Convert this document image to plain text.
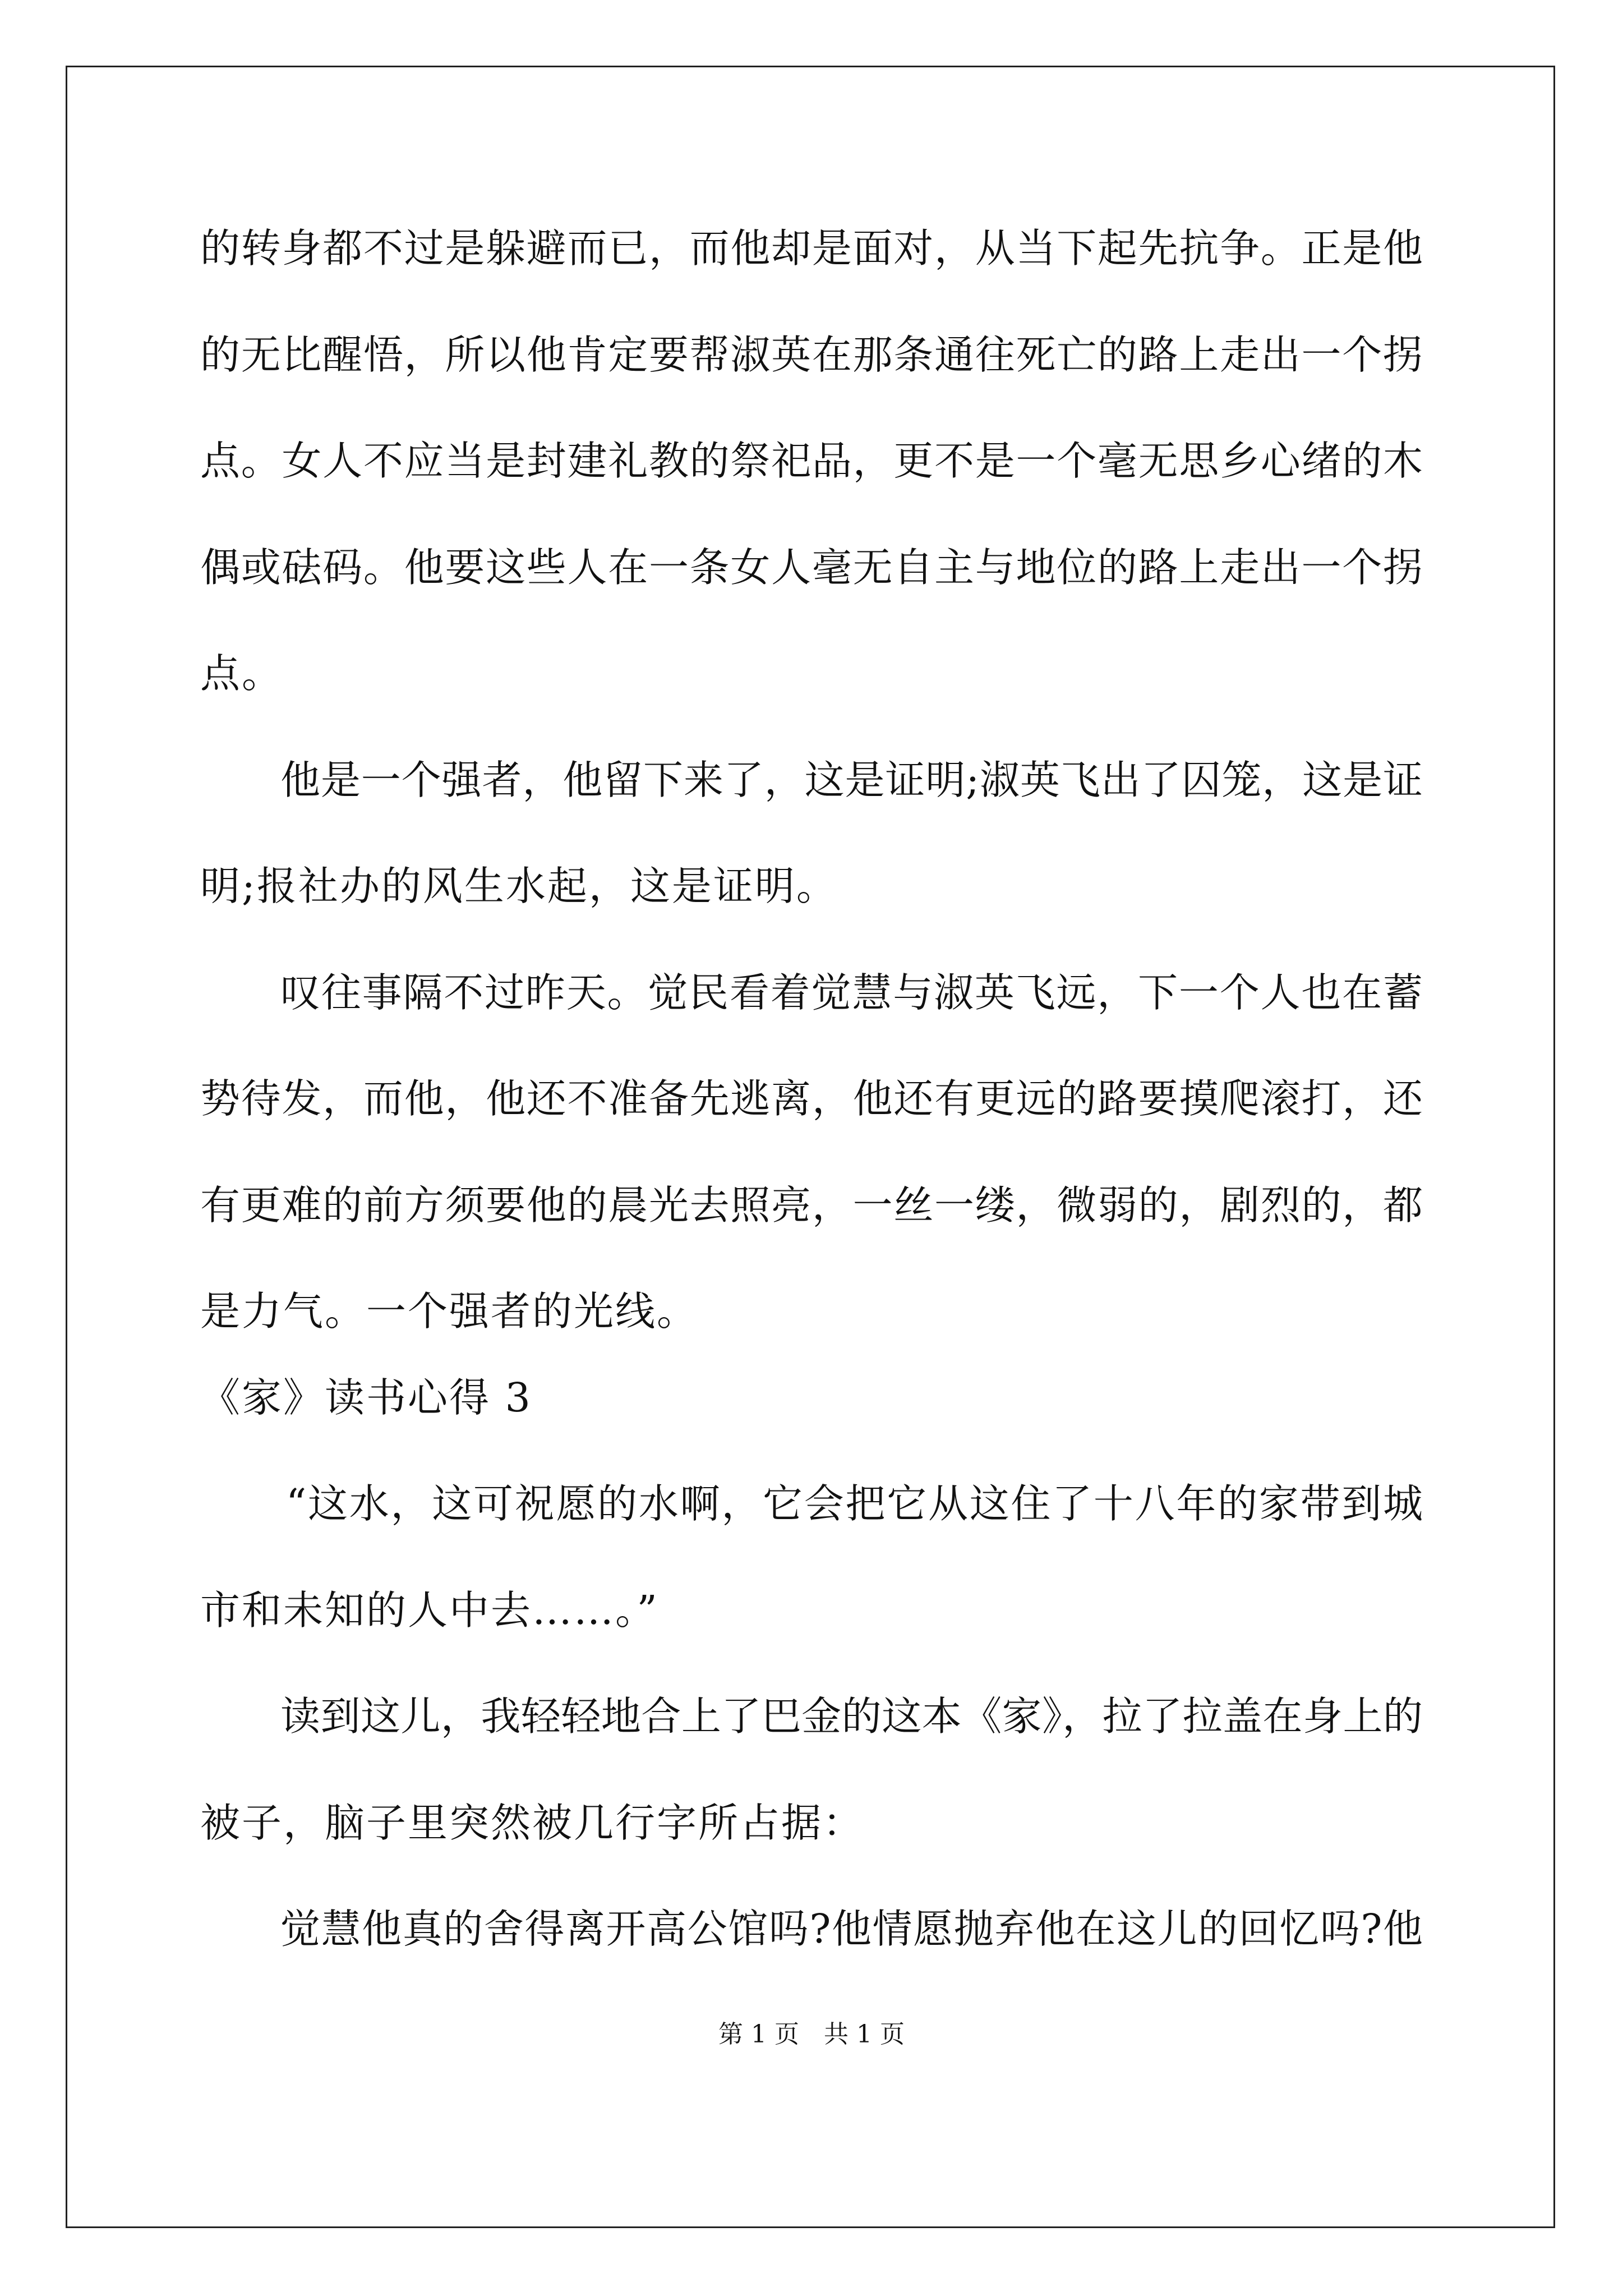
的转身都不过是躲避而已，而他却是面对，从当下起先抗争。正是他
的无比醒悟，所以他肯定要帮淑英在那条通往死亡的路上走出一个拐
点。女人不应当是封建礼教的祭祀品，更不是一个毫无思乡心绪的木
偶或砝码。他要这些人在一条女人毫无自主与地位的路上走出一个拐
点。
他是一个强者，他留下来了，这是证明;淑英飞出了囚笼，这是证
明;报社办的风生水起，这是证明。
叹往事隔不过昨天。觉民看着觉慧与淑英飞远，下一个人也在蓄
势待发，而他，他还不准备先逃离，他还有更远的路要摸爬滚打，还
有更难的前方须要他的晨光去照亮，一丝一缕，微弱的，剧烈的，都
是力气。一个强者的光线。
《家》读书心得 3
“这水，这可祝愿的水啊，它会把它从这住了十八年的家带到城
市和未知的人中去……。”
读到这儿，我轻轻地合上了巴金的这本《家》，拉了拉盖在身上的
被子，脑子里突然被几行字所占据：
觉慧他真的舍得离开高公馆吗?他情愿抛弃他在这儿的回忆吗?他
第 1 页　共 1 页
